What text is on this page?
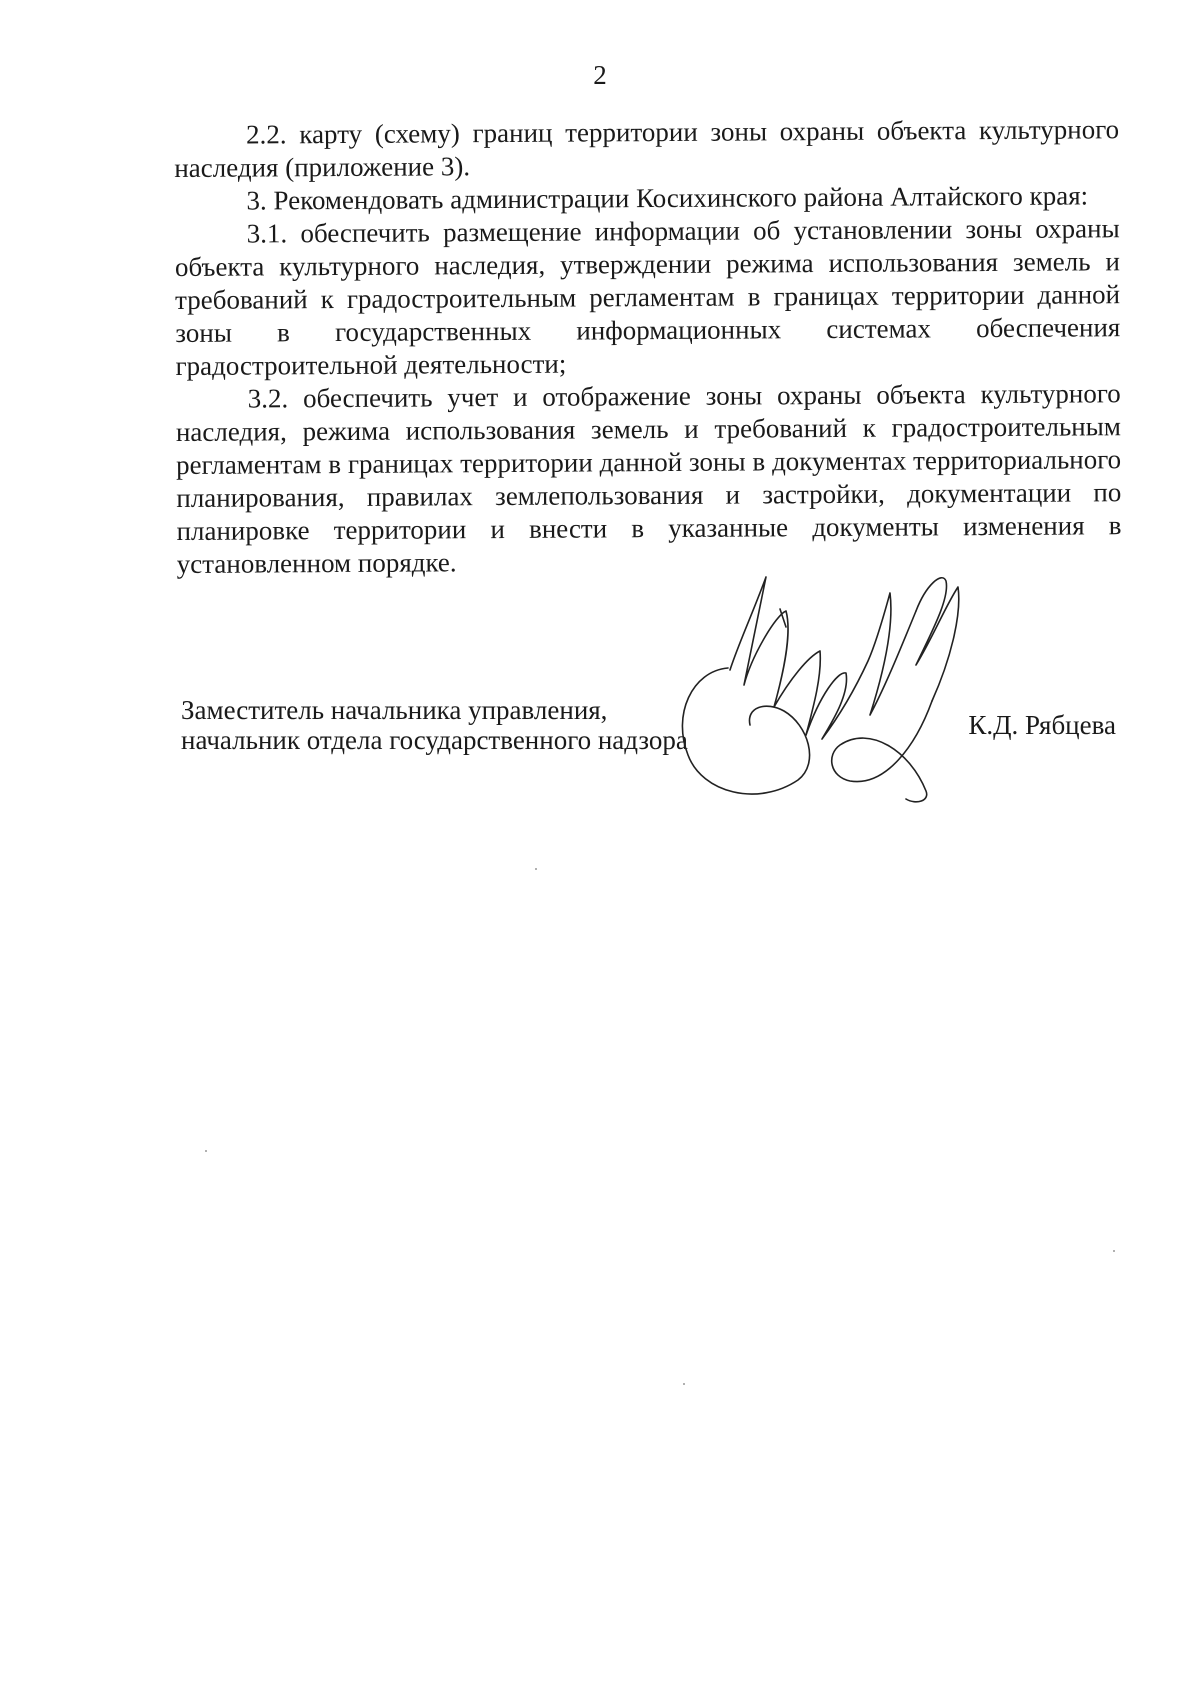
2

2.2. карту (схему) границ территории зоны охраны объекта культурного наследия (приложение 3).

3. Рекомендовать администрации Косихинского района Алтайского края:

3.1. обеспечить размещение информации об установлении зоны охраны объекта культурного наследия, утверждении режима использования земель и требований к градостроительным регламентам в границах территории данной зоны в государственных информационных системах обеспечения градостроительной деятельности;

3.2. обеспечить учет и отображение зоны охраны объекта культурного наследия, режима использования земель и требований к градостроительным регламентам в границах территории данной зоны в документах территориального планирования, правилах землепользования и застройки, документации по планировке территории и внести в указанные документы изменения в установленном порядке.

Заместитель начальника управления,
начальник отдела государственного надзора	К.Д. Рябцева
